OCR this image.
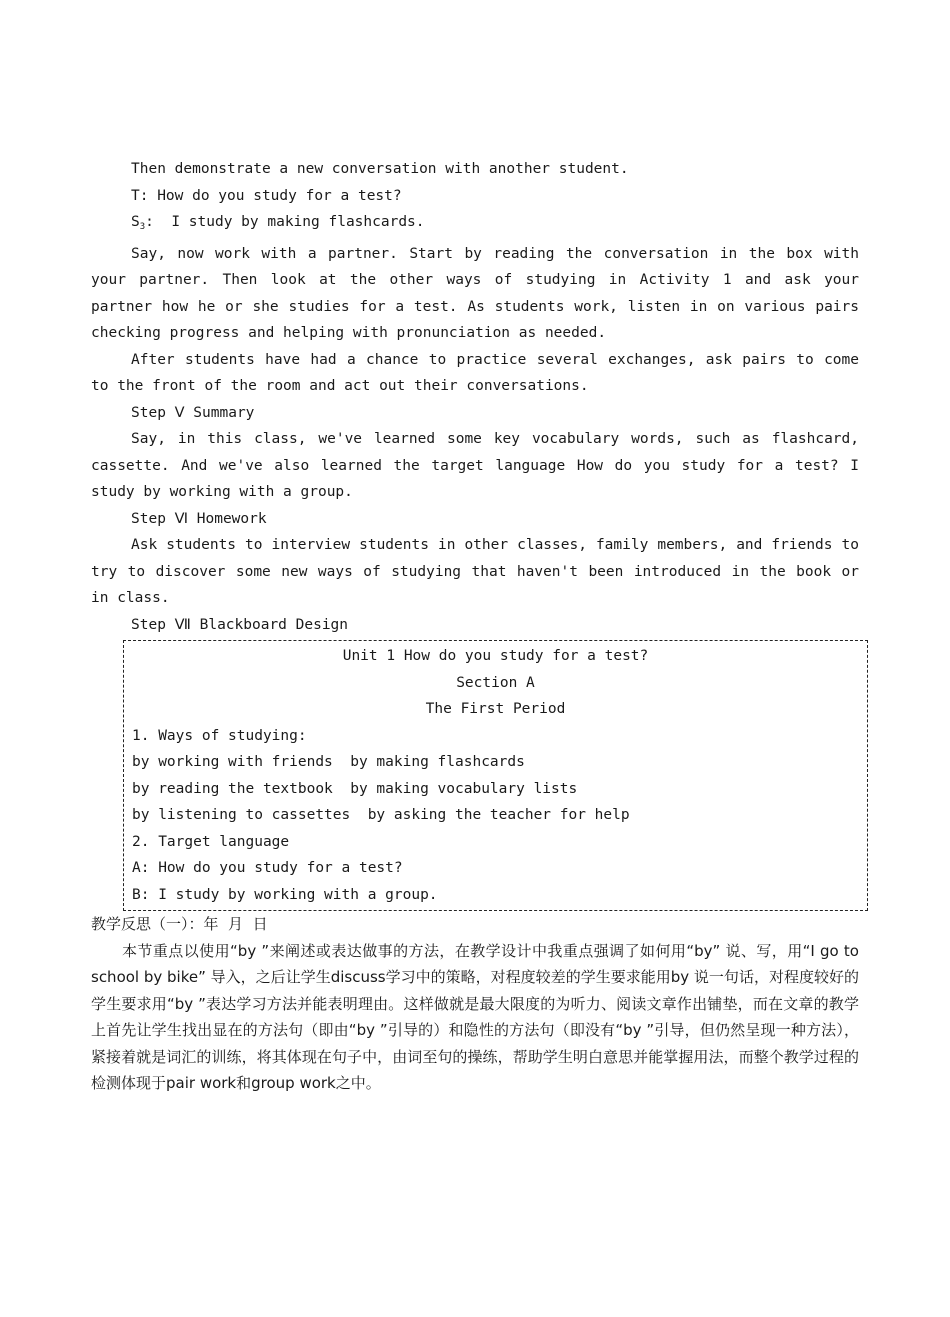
Then demonstrate a new conversation with another student.

T: How do you study for a test?

$S_3$:  I study by making flashcards.

Say, now work with a partner. Start by reading the conversation in the box with your partner. Then look at the other ways of studying in Activity 1 and ask your partner how he or she studies for a test. As students work, listen in on various pairs checking progress and helping with pronunciation as needed.

After students have had a chance to practice several exchanges, ask pairs to come to the front of the room and act out their conversations.

Step Ⅴ Summary

Say, in this class, we've learned some key vocabulary words, such as flashcard, cassette. And we've also learned the target language How do you study for a test? I study by working with a group.

Step Ⅵ Homework

Ask students to interview students in other classes, family members, and friends to try to discover some new ways of studying that haven't been introduced in the book or in class.

Step Ⅶ Blackboard Design

Unit 1 How do you study for a test?
Section A
The First Period
1. Ways of studying:
by working with friends  by making flashcards
by reading the textbook  by making vocabulary lists
by listening to cassettes  by asking the teacher for help
2. Target language
A: How do you study for a test?
B: I study by working with a group.

教学反思（一）：年  月  日

本节重点以使用“by ”来阐述或表达做事的方法，在教学设计中我重点强调了如何用“by” 说、写，用“I go to school by bike” 导入，之后让学生discuss学习中的策略，对程度较差的学生要求能用by 说一句话，对程度较好的学生要求用“by ”表达学习方法并能表明理由。这样做就是最大限度的为听力、阅读文章作出铺垫，而在文章的教学上首先让学生找出显在的方法句（即由“by ”引导的）和隐性的方法句（即没有“by ”引导，但仍然呈现一种方法），紧接着就是词汇的训练，将其体现在句子中，由词至句的操练，帮助学生明白意思并能掌握用法，而整个教学过程的检测体现于pair work和group work之中。
